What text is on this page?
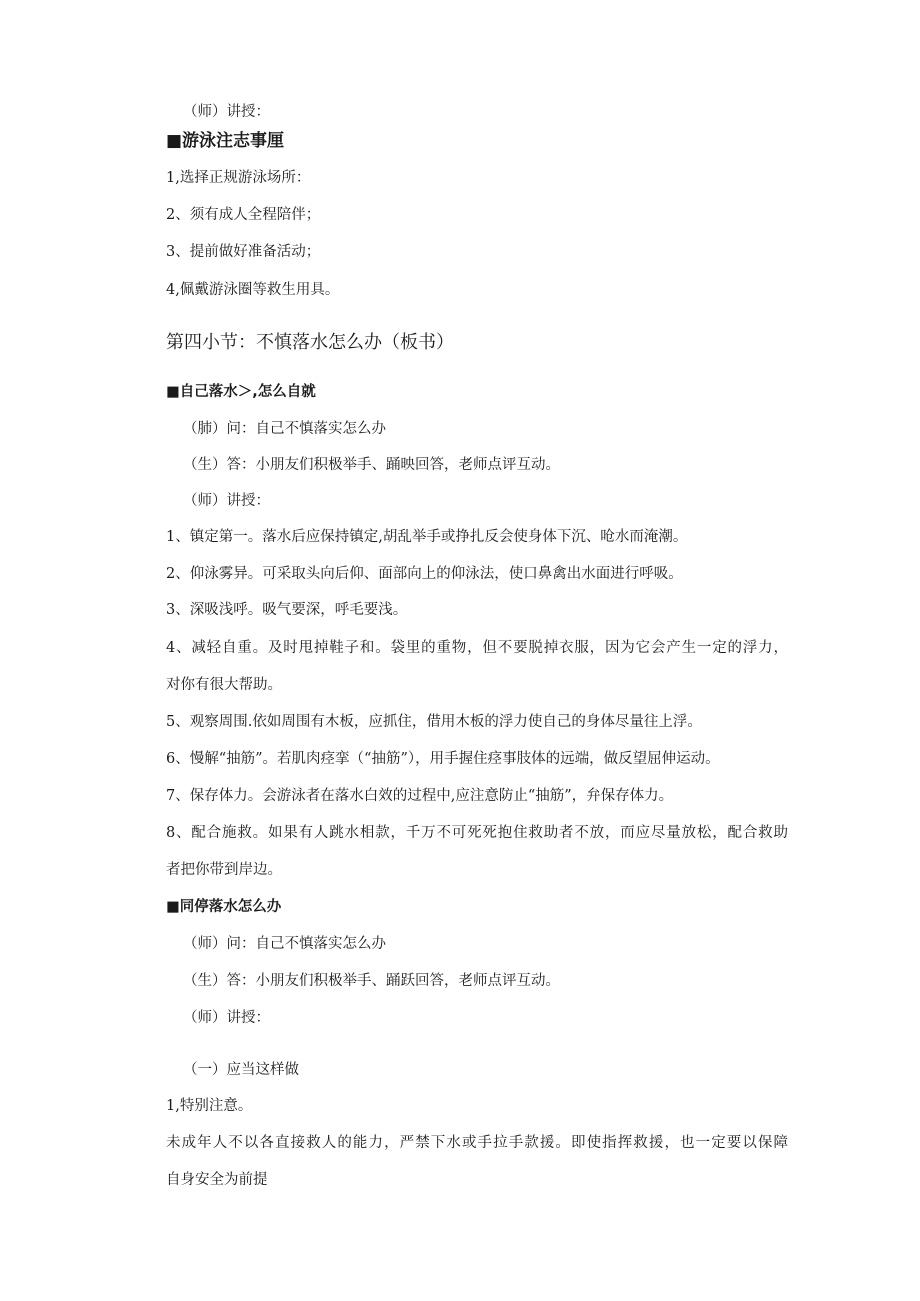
（师）讲授：
■游泳注志事厘
1,选择正规游泳场所：
2、须有成人全程陪伴；
3、提前做好准备活动；
4,佩戴游泳圈等救生用具。
第四小节：不慎落水怎么办（板书）
■自己落水＞,怎么自就
（肺）问：自己不慎落实怎么办
（生）答：小朋友们积极举手、踊映回答，老师点评互动。
（师）讲授：
1、镇定第一。落水后应保持镇定,胡乱举手或挣扎反会使身体下沉、呛水而淹潮。
2、仰泳雾异。可采取头向后仰、面部向上的仰泳法，使口鼻禽出水面进行呼吸。
3、深吸浅呼。吸气要深，呼毛要浅。
4、减轻自重。及时甩掉鞋子和。袋里的重物，但不要脱掉衣服，因为它会产生一定的浮力，
对你有很大帮助。
5、观察周围.依如周围有木板，应抓住，借用木板的浮力使自己的身体尽量往上浮。
6、慢解“抽筋”。若肌肉痉挛（“抽筋”），用手握住痉事肢体的远端，做反望屈伸运动。
7、保存体力。会游泳者在落水白效的过程中,应注意防止“抽筋”，弁保存体力。
8、配合施救。如果有人跳水相款，千万不可死死抱住救助者不放，而应尽量放松，配合救助
者把你带到岸边。
■同停落水怎么办
（师）问：自己不慎落实怎么办
（生）答：小朋友们积极举手、踊跃回答，老师点评互动。
（师）讲授：
（一）应当这样做
1,特别注意。
未成年人不以各直接救人的能力，严禁下水或手拉手款援。即使指挥救援，也一定要以保障
自身安全为前提
